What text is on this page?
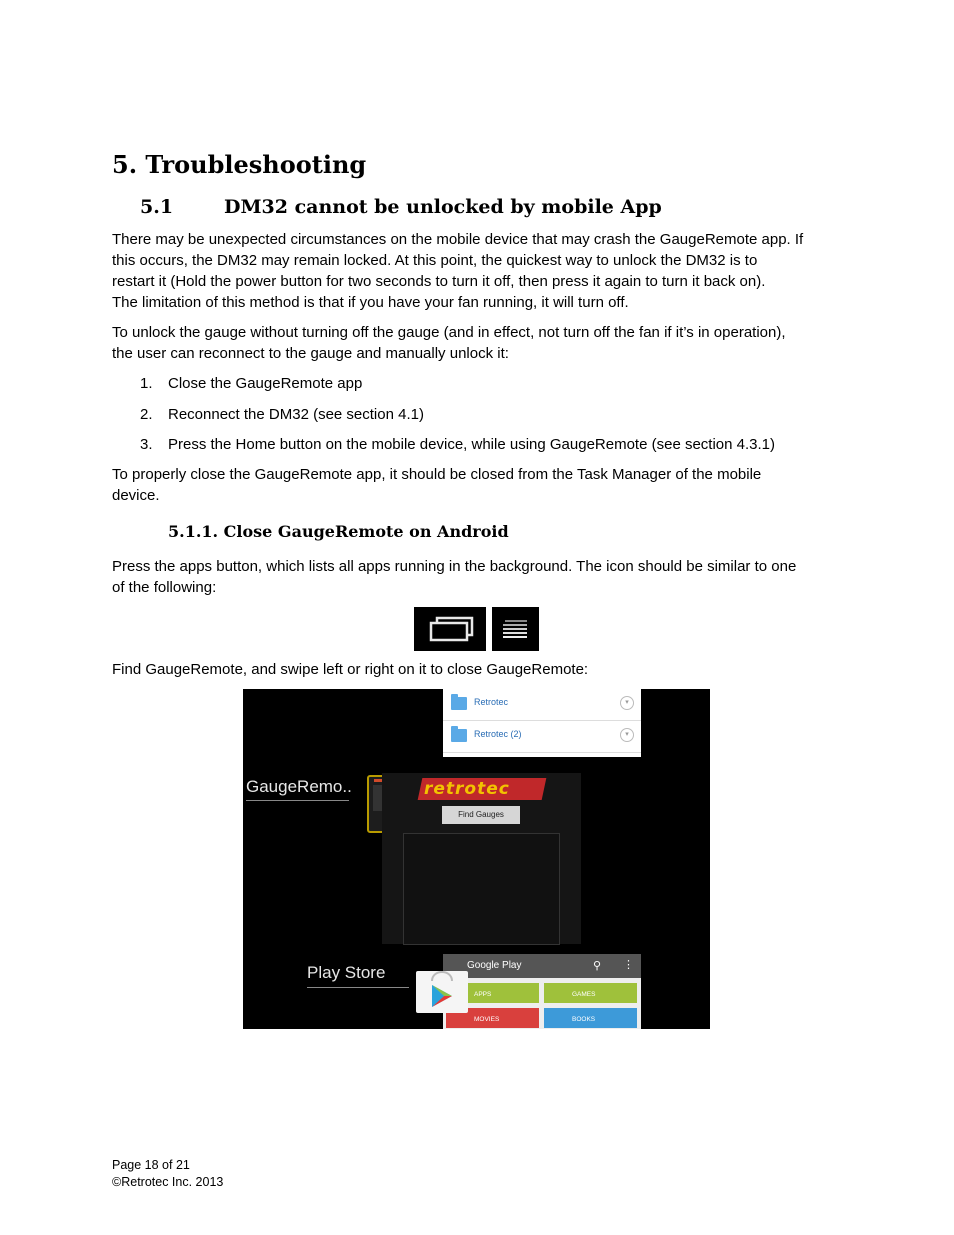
5. Troubleshooting
5.1	DM32 cannot be unlocked by mobile App
There may be unexpected circumstances on the mobile device that may crash the GaugeRemote app. If
this occurs, the DM32 may remain locked. At this point, the quickest way to unlock the DM32 is to
restart it (Hold the power button for two seconds to turn it off, then press it again to turn it back on).
The limitation of this method is that if you have your fan running, it will turn off.
To unlock the gauge without turning off the gauge (and in effect, not turn off the fan if it’s in operation),
the user can reconnect to the gauge and manually unlock it:
1. Close the GaugeRemote app
2. Reconnect the DM32 (see section 4.1)
3. Press the Home button on the mobile device, while using GaugeRemote (see section 4.3.1)
To properly close the GaugeRemote app, it should be closed from the Task Manager of the mobile
device.
5.1.1. Close GaugeRemote on Android
Press the apps button, which lists all apps running in the background. The icon should be similar to one
of the following:
Find GaugeRemote, and swipe left or right on it to close GaugeRemote:
Retrotec	▾
Retrotec (2)	▾
GaugeRemo..	retrotec
Find Gauges
Play Store	Google Play	⚲ ⋮
APPS	GAMES
MOVIES	BOOKS
Page 18 of 21
©Retrotec Inc. 2013
